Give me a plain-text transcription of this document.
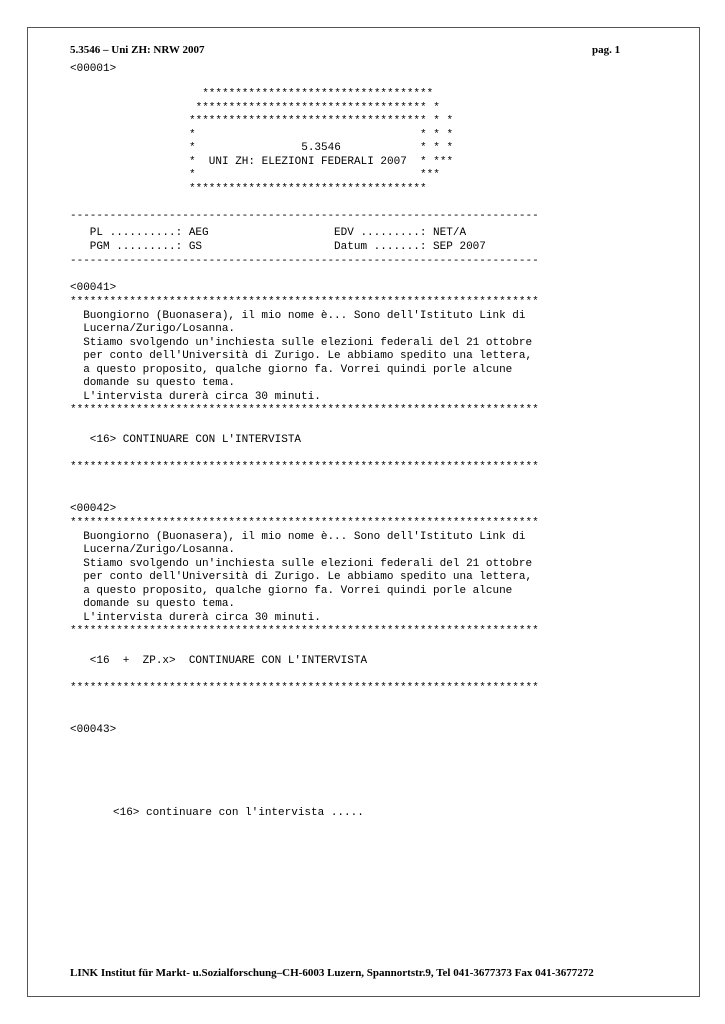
5.3546 – Uni ZH: NRW 2007	pag. 1
<00001>
***********************************
*********************************** *
************************************ * *
*                                  * * *
*                5.3546            * * *
*  UNI ZH: ELEZIONI FEDERALI 2007  * ***
*                                  ***
************************************
-----------------------------------------------------------------------
PL ..........: AEG                   EDV .........: NET/A
PGM .........: GS                    Datum .......: SEP 2007
-----------------------------------------------------------------------
<00041>
***********************************************************************
Buongiorno (Buonasera), il mio nome è... Sono dell'Istituto Link di
Lucerna/Zurigo/Losanna.
Stiamo svolgendo un'inchiesta sulle elezioni federali del 21 ottobre
per conto dell'Università di Zurigo. Le abbiamo spedito una lettera,
a questo proposito, qualche giorno fa. Vorrei quindi porle alcune
domande su questo tema.
L'intervista durerà circa 30 minuti.
***********************************************************************
<16> CONTINUARE CON L'INTERVISTA
***********************************************************************
<00042>
***********************************************************************
Buongiorno (Buonasera), il mio nome è... Sono dell'Istituto Link di
Lucerna/Zurigo/Losanna.
Stiamo svolgendo un'inchiesta sulle elezioni federali del 21 ottobre
per conto dell'Università di Zurigo. Le abbiamo spedito una lettera,
a questo proposito, qualche giorno fa. Vorrei quindi porle alcune
domande su questo tema.
L'intervista durerà circa 30 minuti.
***********************************************************************
<16  +  ZP.x>  CONTINUARE CON L'INTERVISTA
***********************************************************************
<00043>
<16> continuare con l'intervista .....
LINK Institut für Markt- u.Sozialforschung–CH-6003 Luzern, Spannortstr.9, Tel 041-3677373 Fax 041-3677272
